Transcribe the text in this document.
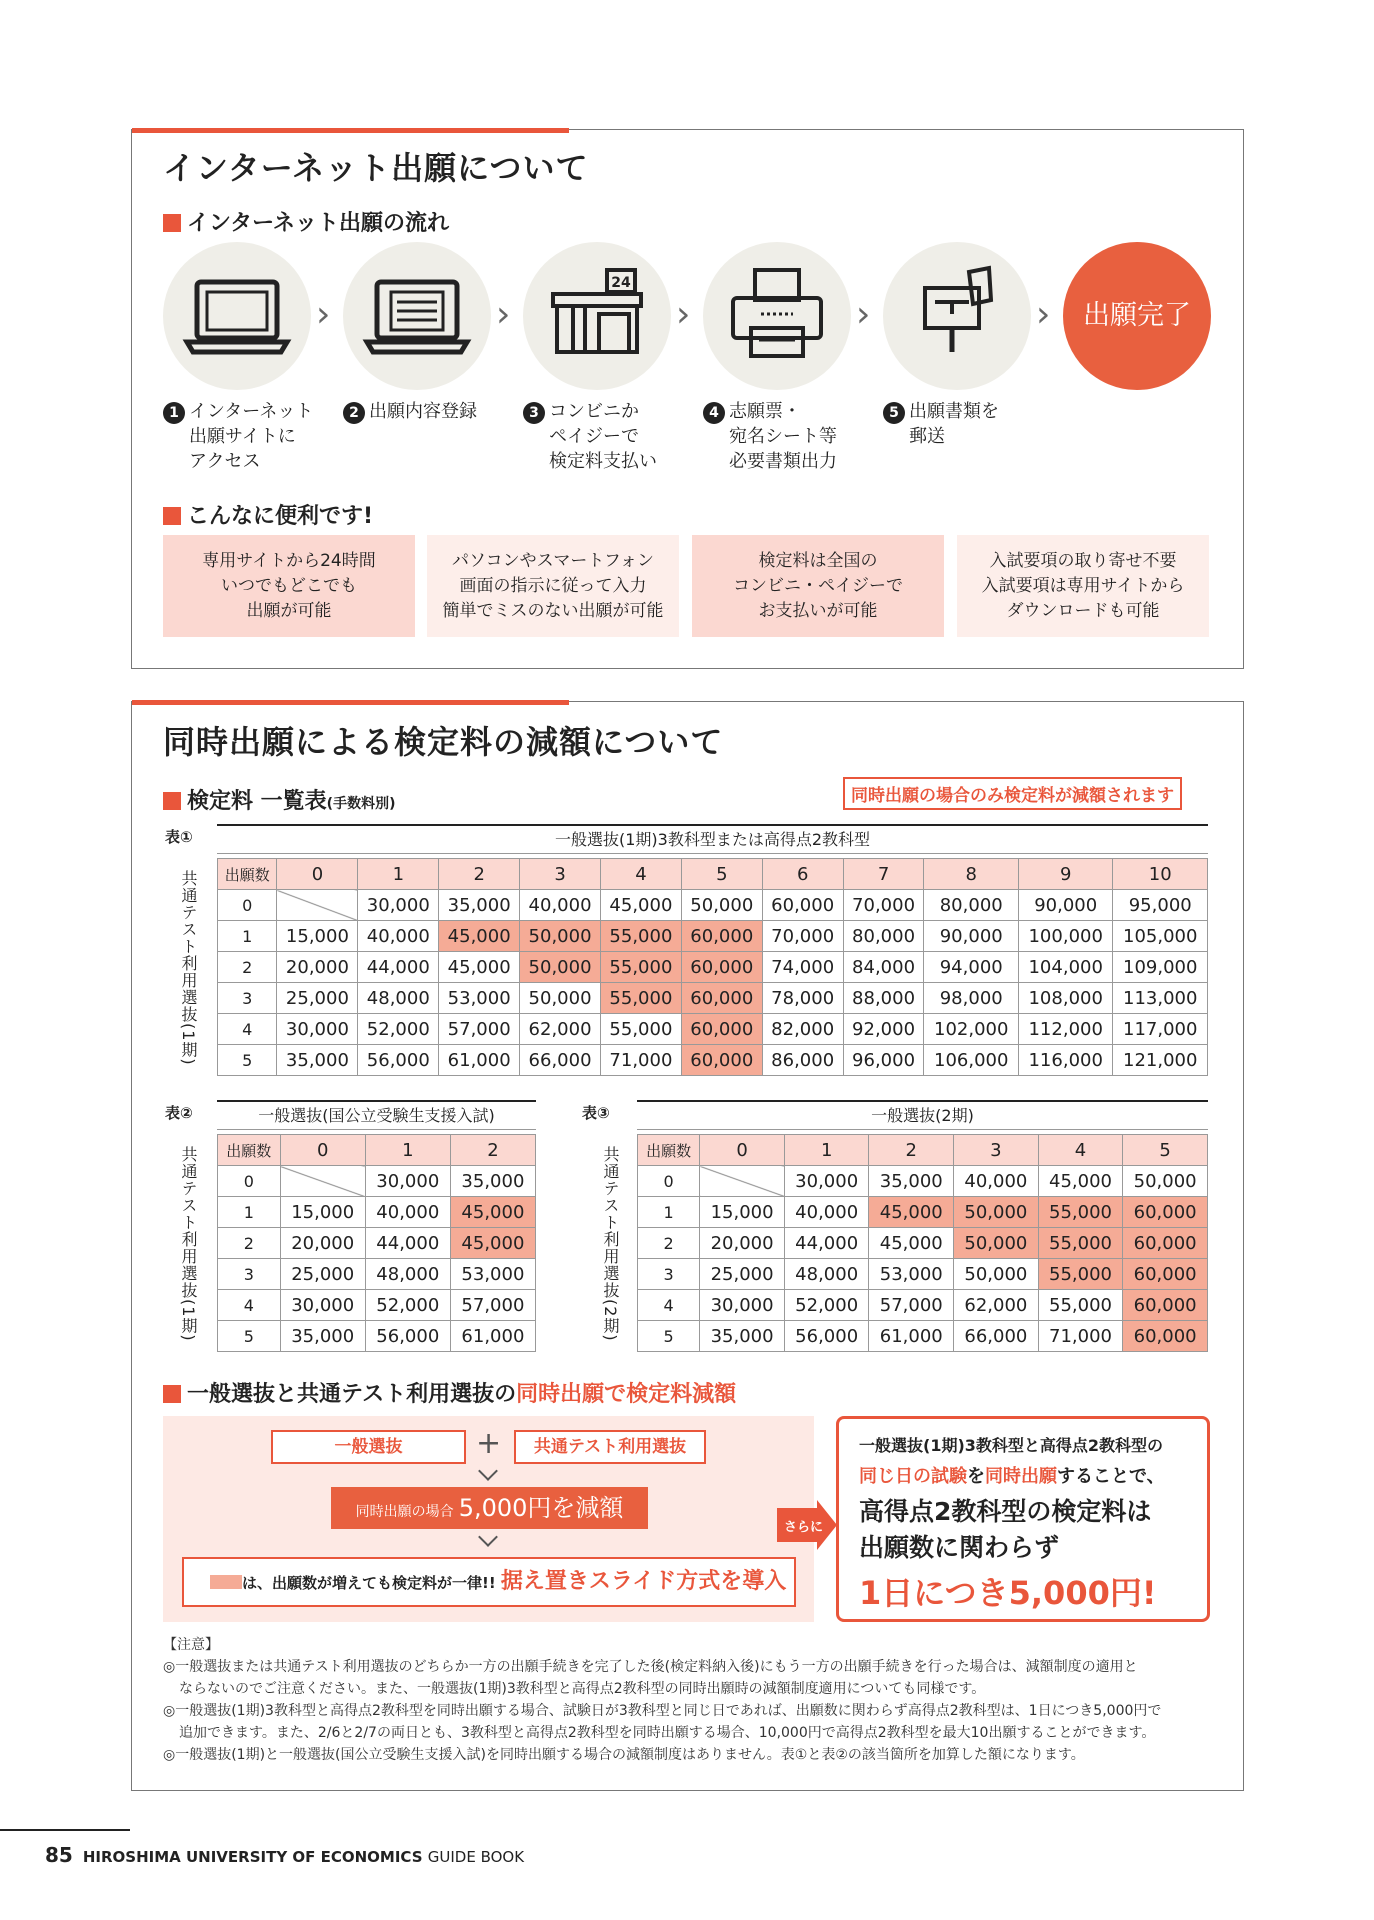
インターネット出願について
インターネット出願の流れ
›	›
24
›	›	›	出願完了
1 インターネット
出願サイトに
アクセス
2 出願内容登録	3 コンビニか
ペイジーで
検定料支払い
4 志願票・
宛名シート等
必要書類出力
5 出願書類を
郵送
こんなに便利です!
専用サイトから24時間
いつでもどこでも
出願が可能
パソコンやスマートフォン
画面の指示に従って入力
簡単でミスのない出願が可能
検定料は全国の
コンビニ・ペイジーで
お支払いが可能
入試要項の取り寄せ不要
入試要項は専用サイトから
ダウンロードも可能
同時出願による検定料の減額について
検定料 一覧表(手数料別)	同時出願の場合のみ検定料が減額されます
表①	一般選抜(1期)3教科型または高得点2教科型
共通テスト利用選抜(1期) 出願数	0	1	2	3	4	5	6	7	8	9	10
0		30,000	35,000	40,000	45,000	50,000	60,000	70,000	80,000	90,000	95,000
1	15,000	40,000	45,000	50,000	55,000	60,000	70,000	80,000	90,000	100,000	105,000
2	20,000	44,000	45,000	50,000	55,000	60,000	74,000	84,000	94,000	104,000	109,000
3	25,000	48,000	53,000	50,000	55,000	60,000	78,000	88,000	98,000	108,000	113,000
4	30,000	52,000	57,000	62,000	55,000	60,000	82,000	92,000	102,000	112,000	117,000
5	35,000	56,000	61,000	66,000	71,000	60,000	86,000	96,000	106,000	116,000	121,000
表②	一般選抜(国公立受験生支援入試)
共通テスト利用選抜(1期) 出願数	0	1	2
0		30,000	35,000
1	15,000	40,000	45,000
2	20,000	44,000	45,000
3	25,000	48,000	53,000
4	30,000	52,000	57,000
5	35,000	56,000	61,000
表③	一般選抜(2期)
共通テスト利用選抜(2期) 出願数	0	1	2	3	4	5
0		30,000	35,000	40,000	45,000	50,000
1	15,000	40,000	45,000	50,000	55,000	60,000
2	20,000	44,000	45,000	50,000	55,000	60,000
3	25,000	48,000	53,000	50,000	55,000	60,000
4	30,000	52,000	57,000	62,000	55,000	60,000
5	35,000	56,000	61,000	66,000	71,000	60,000
一般選抜と共通テスト利用選抜の同時出願で検定料減額
一般選抜	+	共通テスト利用選抜
同時出願の場合 5,000円を減額
は、出願数が増えても検定料が一律!! 据え置きスライド方式を導入
さらに
一般選抜(1期)3教科型と高得点2教科型の
同じ日の試験を同時出願することで、
高得点2教科型の検定料は
出願数に関わらず
1日につき5,000円!
【注意】
◎一般選抜または共通テスト利用選抜のどちらか一方の出願手続きを完了した後(検定料納入後)にもう一方の出願手続きを行った場合は、減額制度の適用と
ならないのでご注意ください。また、一般選抜(1期)3教科型と高得点2教科型の同時出願時の減額制度適用についても同様です。
◎一般選抜(1期)3教科型と高得点2教科型を同時出願する場合、試験日が3教科型と同じ日であれば、出願数に関わらず高得点2教科型は、1日につき5,000円で
追加できます。また、2/6と2/7の両日とも、3教科型と高得点2教科型を同時出願する場合、10,000円で高得点2教科型を最大10出願することができます。
◎一般選抜(1期)と一般選抜(国公立受験生支援入試)を同時出願する場合の減額制度はありません。表①と表②の該当箇所を加算した額になります。
85 HIROSHIMA UNIVERSITY OF ECONOMICS GUIDE BOOK
